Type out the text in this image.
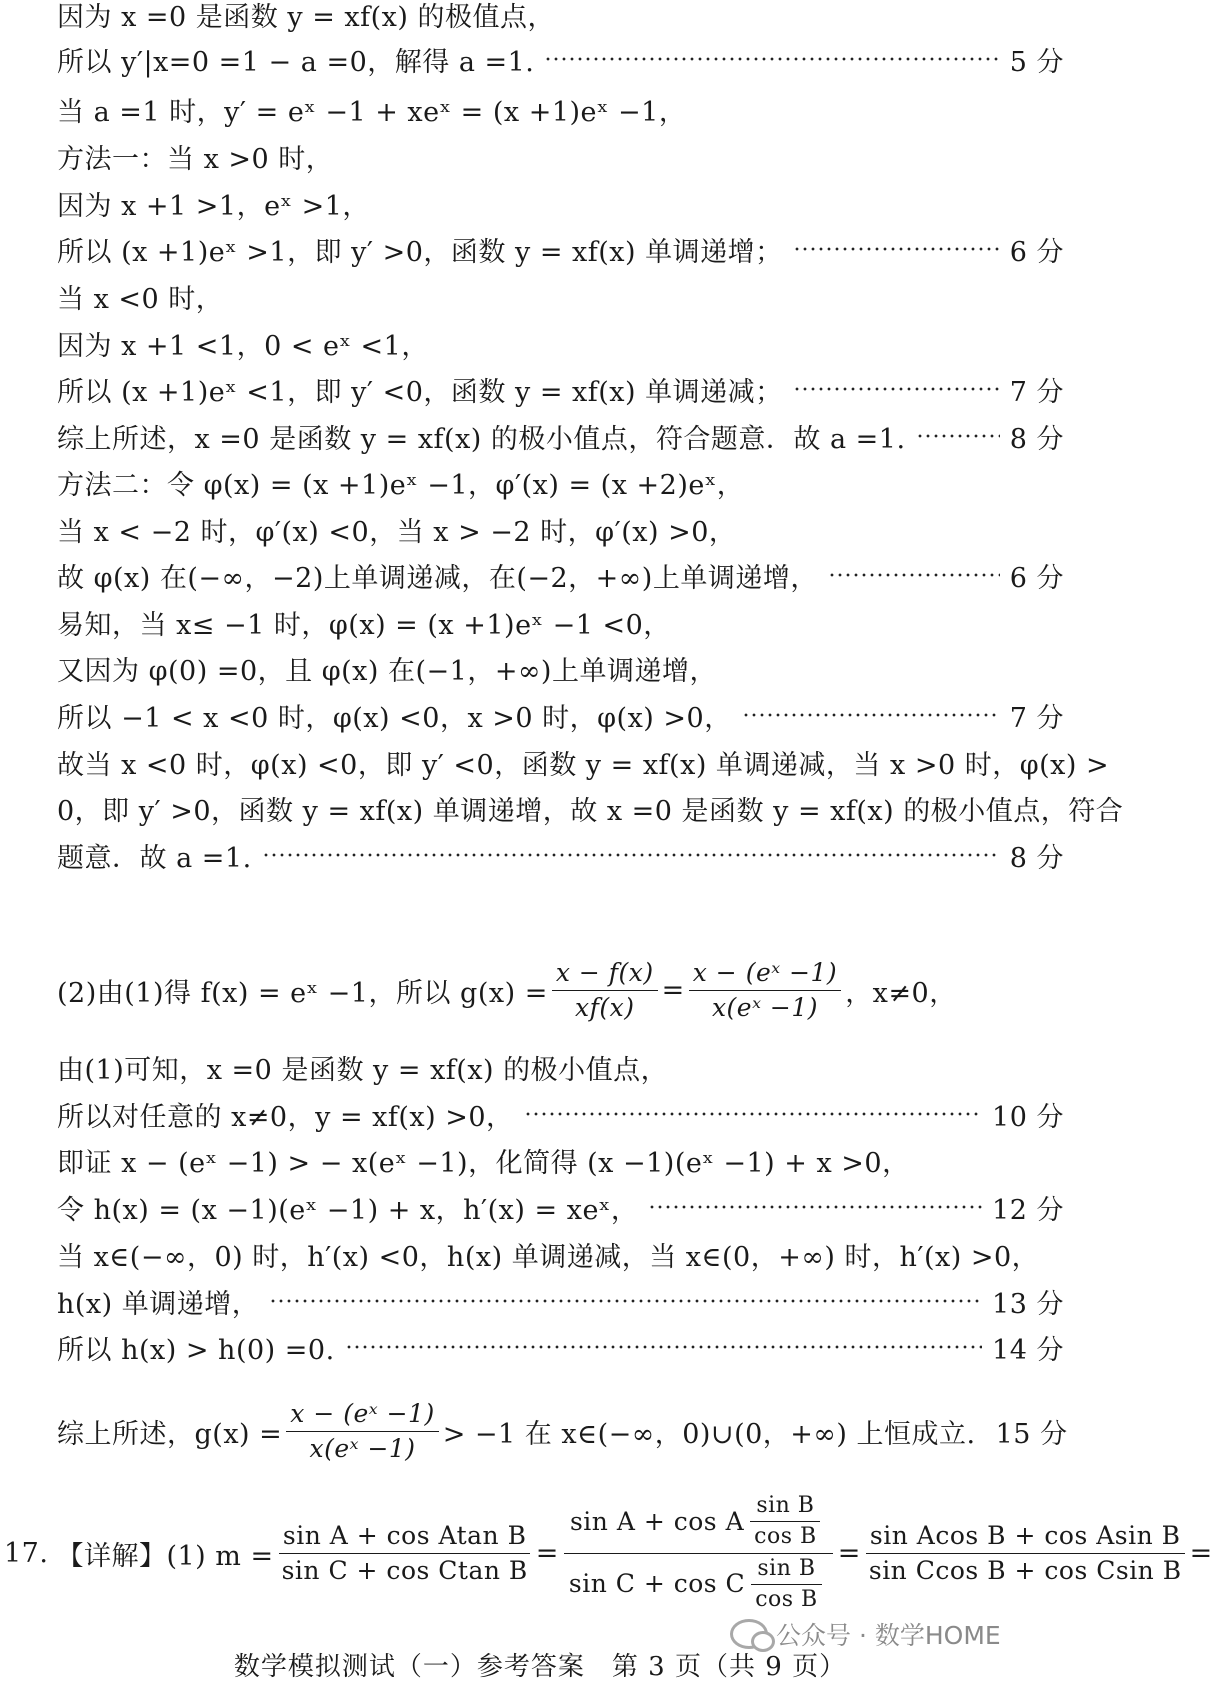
因为 x =0 是函数 y = xf(x) 的极值点，
所以 y′|x=0 =1 − a =0，解得 a =1.	5 分
当 a =1 时，y′ = eˣ −1 + xeˣ = (x +1)eˣ −1，
方法一：当 x >0 时，
因为 x +1 >1，eˣ >1，
所以 (x +1)eˣ >1，即 y′ >0，函数 y = xf(x) 单调递增；	6 分
当 x <0 时，
因为 x +1 <1，0 < eˣ <1，
所以 (x +1)eˣ <1，即 y′ <0，函数 y = xf(x) 单调递减；	7 分
综上所述，x =0 是函数 y = xf(x) 的极小值点，符合题意．故 a =1.	8 分
方法二：令 φ(x) = (x +1)eˣ −1，φ′(x) = (x +2)eˣ，
当 x < −2 时，φ′(x) <0，当 x > −2 时，φ′(x) >0，
故 φ(x) 在(−∞，−2)上单调递减，在(−2，+∞)上单调递增，	6 分
易知，当 x≤ −1 时，φ(x) = (x +1)eˣ −1 <0，
又因为 φ(0) =0，且 φ(x) 在(−1，+∞)上单调递增，
所以 −1 < x <0 时，φ(x) <0，x >0 时，φ(x) >0，	7 分
故当 x <0 时，φ(x) <0，即 y′ <0，函数 y = xf(x) 单调递减，当 x >0 时，φ(x) >
0，即 y′ >0，函数 y = xf(x) 单调递增，故 x =0 是函数 y = xf(x) 的极小值点，符合
题意．故 a =1.	8 分
(2)由(1)得 f(x) = eˣ −1，所以 $g(x) = \frac{x - f(x)}{xf(x)} = \frac{\text{x − (eˣ −1)}}{\text{x(eˣ −1)}}$ ，x≠0，
由(1)可知，x =0 是函数 y = xf(x) 的极小值点，
所以对任意的 x≠0，y = xf(x) >0，	10 分
即证 x − (eˣ −1) > − x(eˣ −1)，化简得 (x −1)(eˣ −1) + x >0，
令 h(x) = (x −1)(eˣ −1) + x，h′(x) = xeˣ，	12 分
当 x∈(−∞，0) 时，h′(x) <0，h(x) 单调递减，当 x∈(0，+∞) 时，h′(x) >0，
h(x) 单调递增，	13 分
所以 h(x) > h(0) =0.	14 分
综上所述，$g(x) = \frac{\text{x − (eˣ −1)}}{\text{x(eˣ −1)}} > -1$ 在 x∈(−∞，0)∪(0，+∞) 上恒成立. 15 分
17. 【详解】(1) $m = \frac{\text{sin A + cos Atan B}}{\text{sin C + cos Ctan B}} = \frac{\sin A + \cos A \frac{\text{sin B}}{\text{cos B}}}{\sin C + \cos C \frac{\text{sin B}}{\text{cos B}}} = \frac{\text{sin Acos B + cos Asin B}}{\text{sin Ccos B + cos Csin B}}$ =
公众号 · 数学HOME
数学模拟测试（一）参考答案　第 3 页（共 9 页）
